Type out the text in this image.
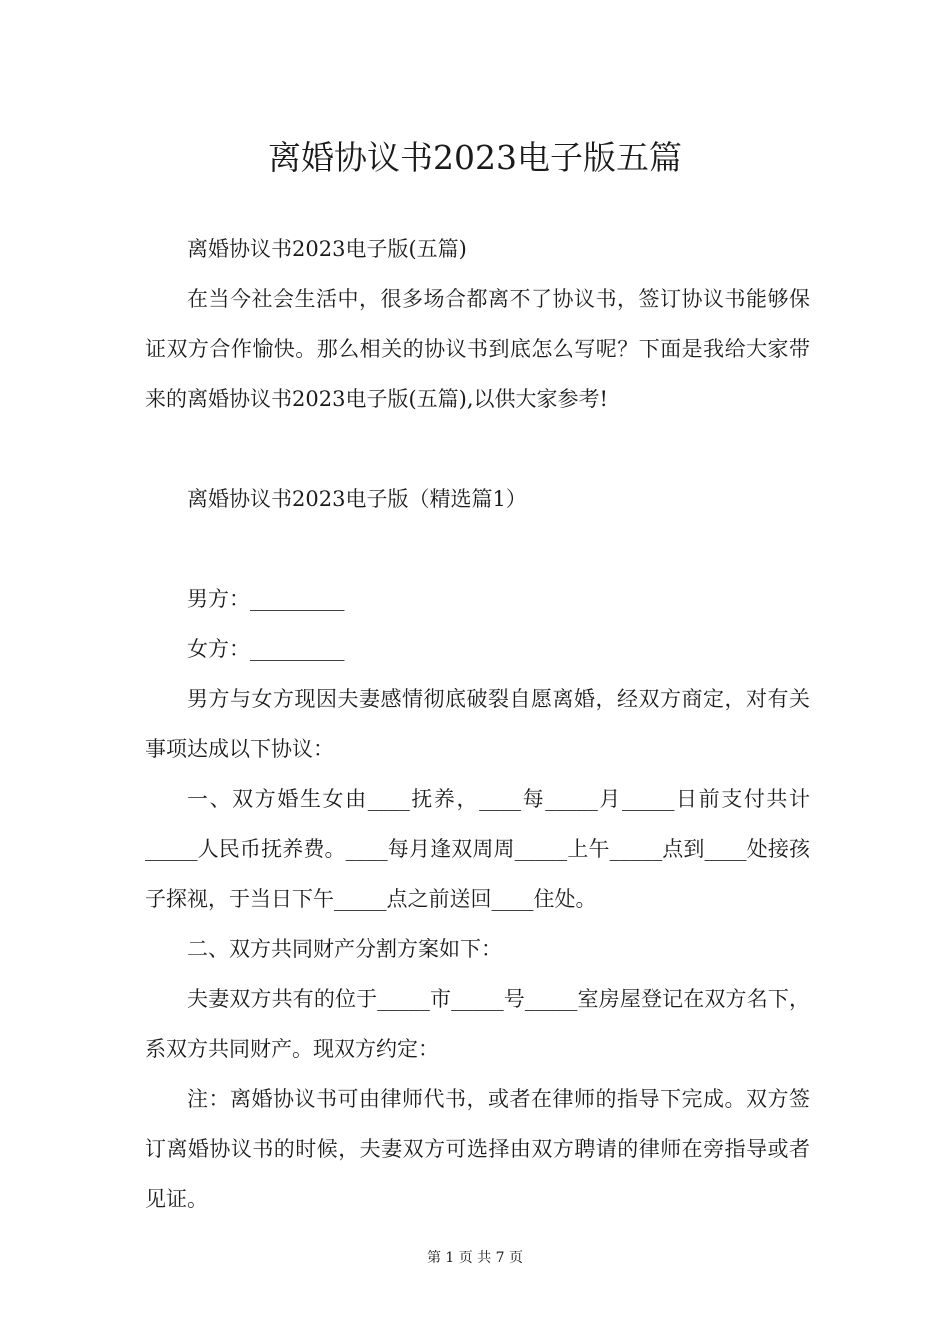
离婚协议书2023电子版五篇

离婚协议书2023电子版(五篇)

在当今社会生活中，很多场合都离不了协议书，签订协议书能够保证双方合作愉快。那么相关的协议书到底怎么写呢？下面是我给大家带来的离婚协议书2023电子版(五篇),以供大家参考!

离婚协议书2023电子版（精选篇1）

男方：_________

女方：_________

男方与女方现因夫妻感情彻底破裂自愿离婚，经双方商定，对有关事项达成以下协议：

一、双方婚生女由____抚养，____每_____月_____日前支付共计_____人民币抚养费。____每月逢双周周_____上午_____点到____处接孩子探视，于当日下午_____点之前送回____住处。

二、双方共同财产分割方案如下：

夫妻双方共有的位于_____市_____号_____室房屋登记在双方名下，系双方共同财产。现双方约定：

注：离婚协议书可由律师代书，或者在律师的指导下完成。双方签订离婚协议书的时候，夫妻双方可选择由双方聘请的律师在旁指导或者见证。

第 1 页 共 7 页
